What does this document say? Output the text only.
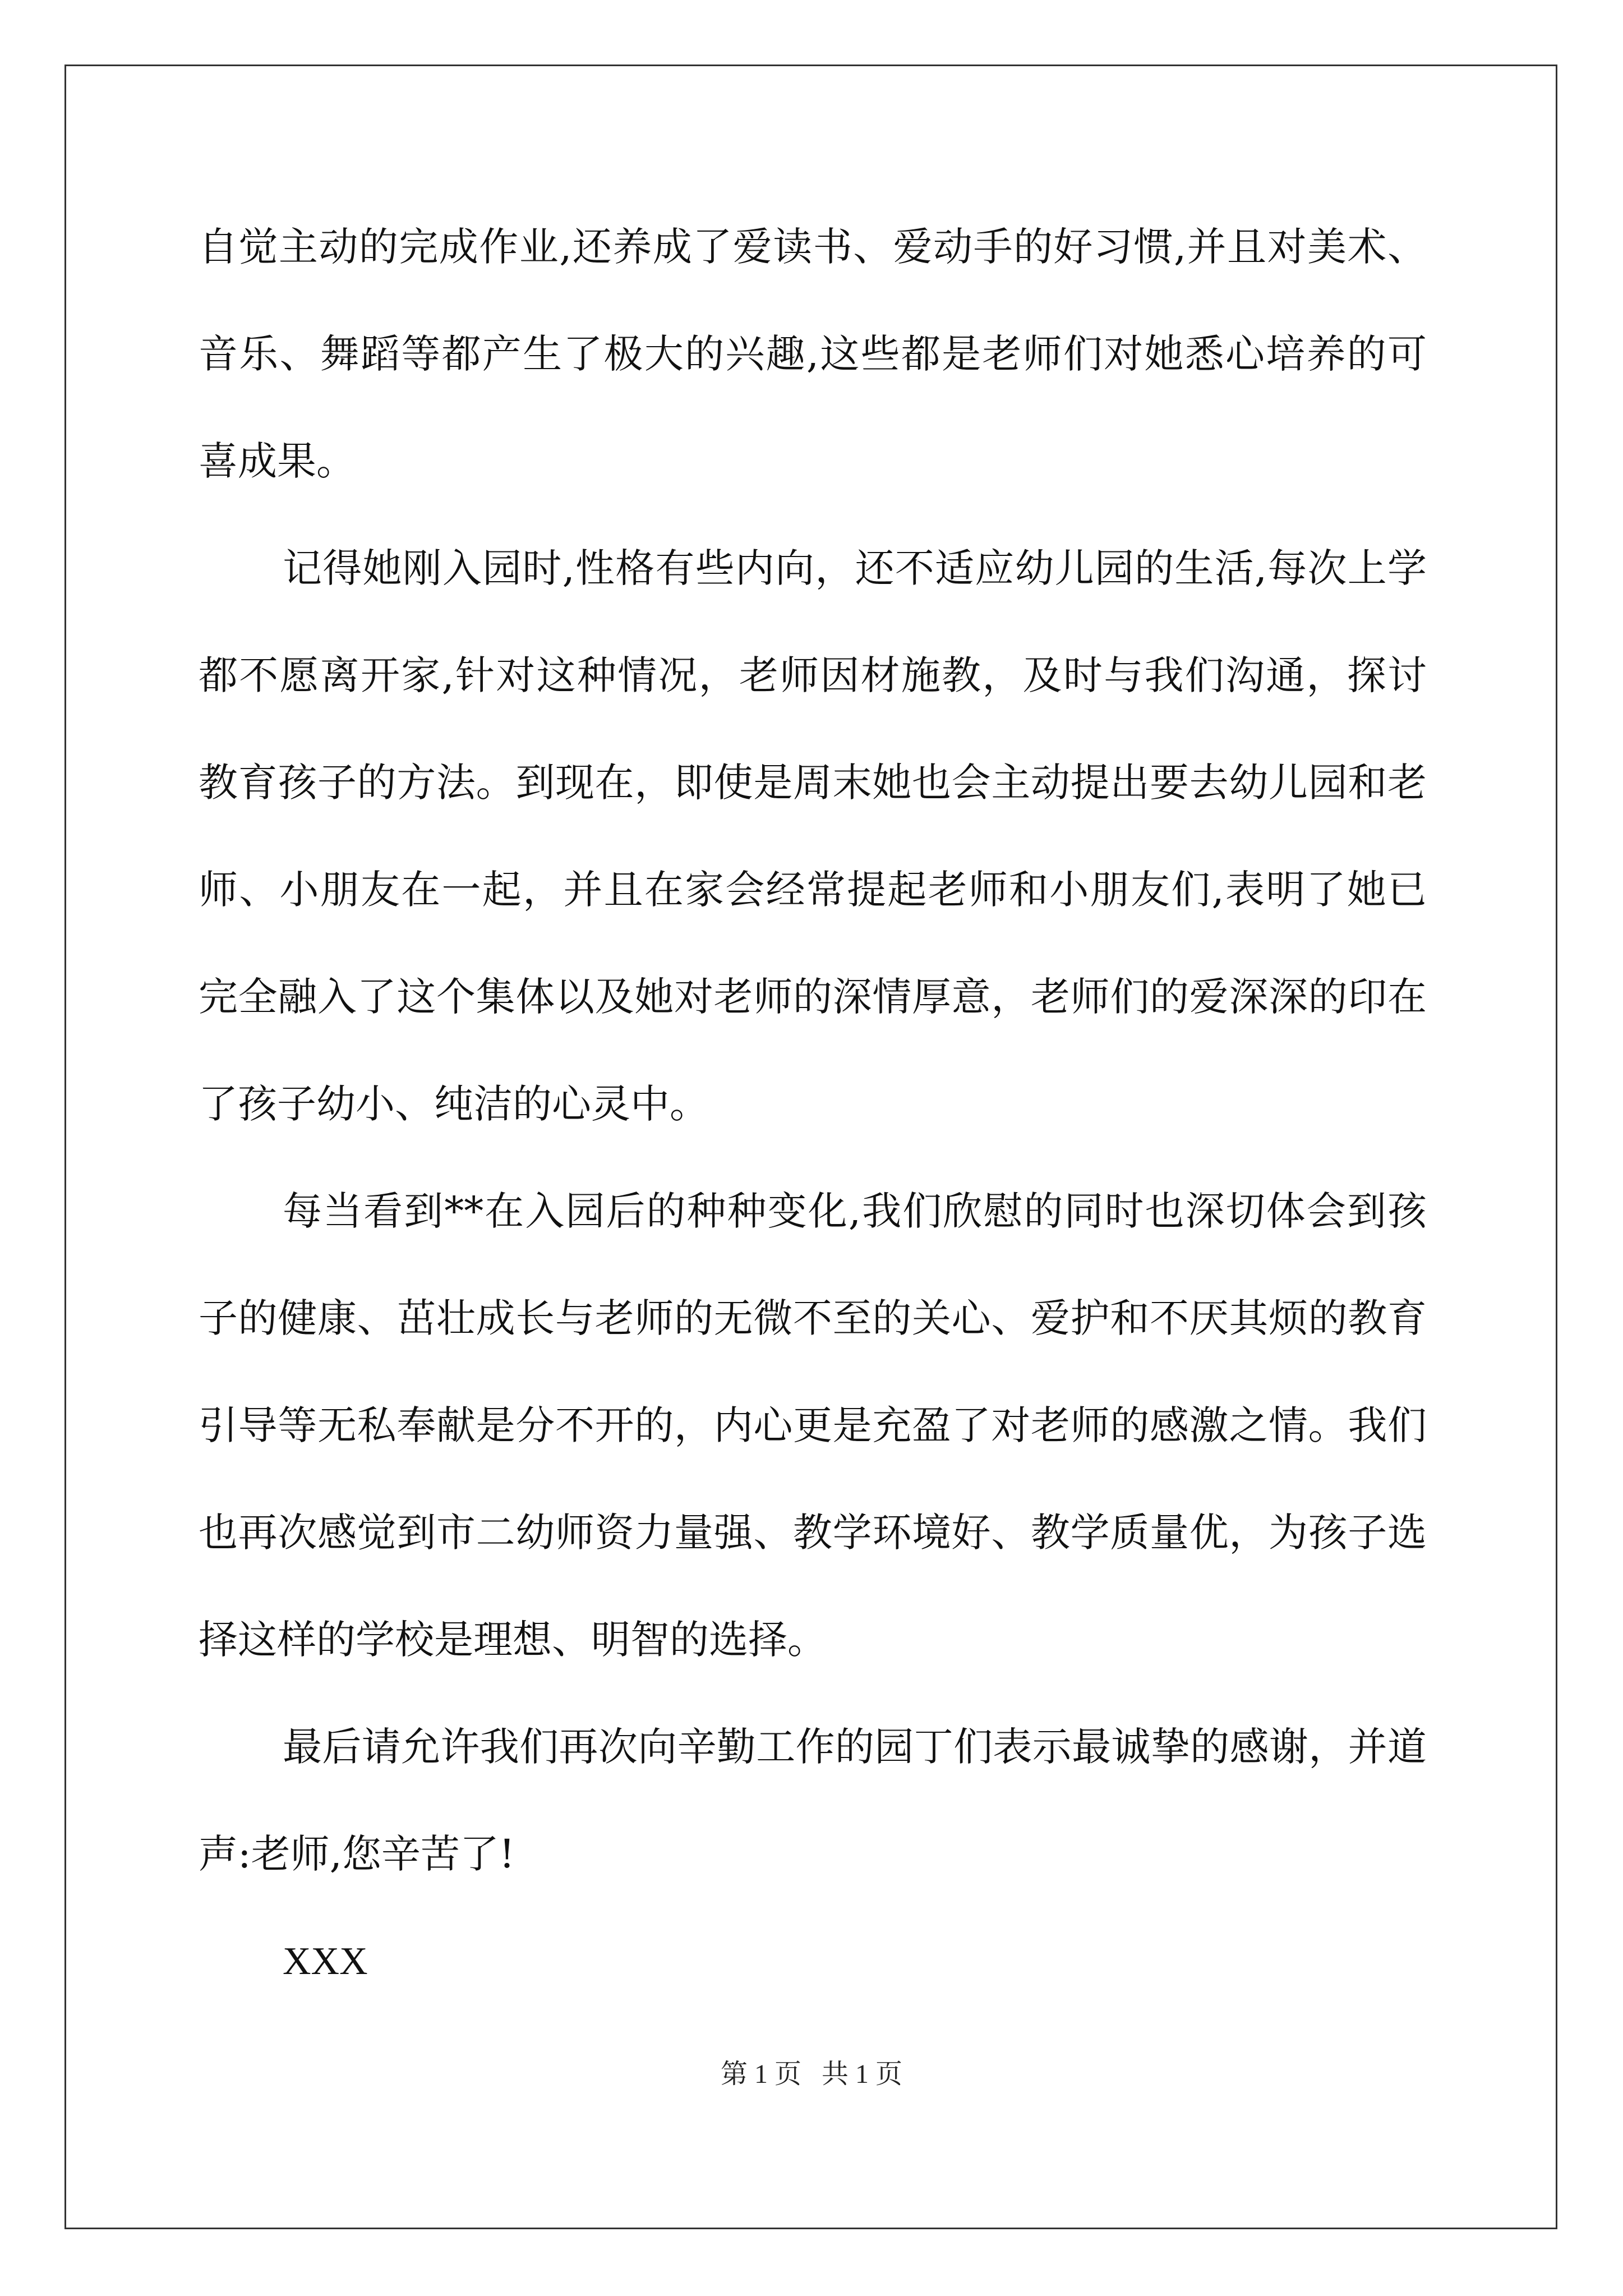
自觉主动的完成作业,还养成了爱读书、爱动手的好习惯,并且对美术、音乐、舞蹈等都产生了极大的兴趣,这些都是老师们对她悉心培养的可喜成果。

记得她刚入园时,性格有些内向，还不适应幼儿园的生活,每次上学都不愿离开家,针对这种情况，老师因材施教，及时与我们沟通，探讨教育孩子的方法。到现在，即使是周末她也会主动提出要去幼儿园和老师、小朋友在一起，并且在家会经常提起老师和小朋友们,表明了她已完全融入了这个集体以及她对老师的深情厚意，老师们的爱深深的印在了孩子幼小、纯洁的心灵中。

每当看到**在入园后的种种变化,我们欣慰的同时也深切体会到孩子的健康、茁壮成长与老师的无微不至的关心、爱护和不厌其烦的教育引导等无私奉献是分不开的，内心更是充盈了对老师的感激之情。我们也再次感觉到市二幼师资力量强、教学环境好、教学质量优，为孩子选择这样的学校是理想、明智的选择。

最后请允许我们再次向辛勤工作的园丁们表示最诚挚的感谢，并道声:老师,您辛苦了!

XXX

第 1 页 共 1 页
